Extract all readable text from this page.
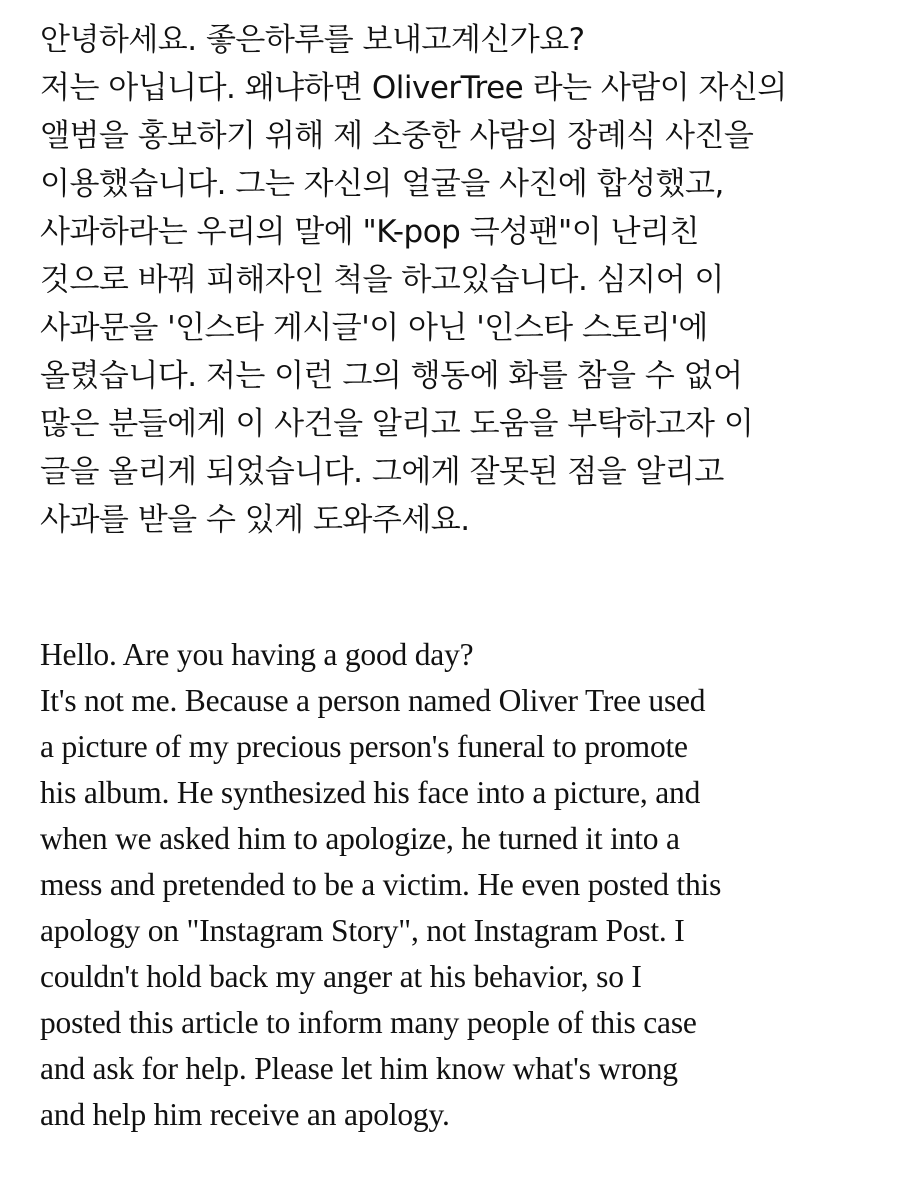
안녕하세요. 좋은하루를 보내고계신가요?
저는 아닙니다. 왜냐하면 OliverTree 라는 사람이 자신의
앨범을 홍보하기 위해 제 소중한 사람의 장례식 사진을
이용했습니다. 그는 자신의 얼굴을 사진에 합성했고,
사과하라는 우리의 말에 "K-pop 극성팬"이 난리친
것으로 바꿔 피해자인 척을 하고있습니다. 심지어 이
사과문을 '인스타 게시글'이 아닌 '인스타 스토리'에
올렸습니다. 저는 이런 그의 행동에 화를 참을 수 없어
많은 분들에게 이 사건을 알리고 도움을 부탁하고자 이
글을 올리게 되었습니다. 그에게 잘못된 점을 알리고
사과를 받을 수 있게 도와주세요.
Hello. Are you having a good day?
It's not me. Because a person named Oliver Tree used
a picture of my precious person's funeral to promote
his album. He synthesized his face into a picture, and
when we asked him to apologize, he turned it into a
mess and pretended to be a victim. He even posted this
apology on "Instagram Story", not Instagram Post. I
couldn't hold back my anger at his behavior, so I
posted this article to inform many people of this case
and ask for help. Please let him know what's wrong
and help him receive an apology.
